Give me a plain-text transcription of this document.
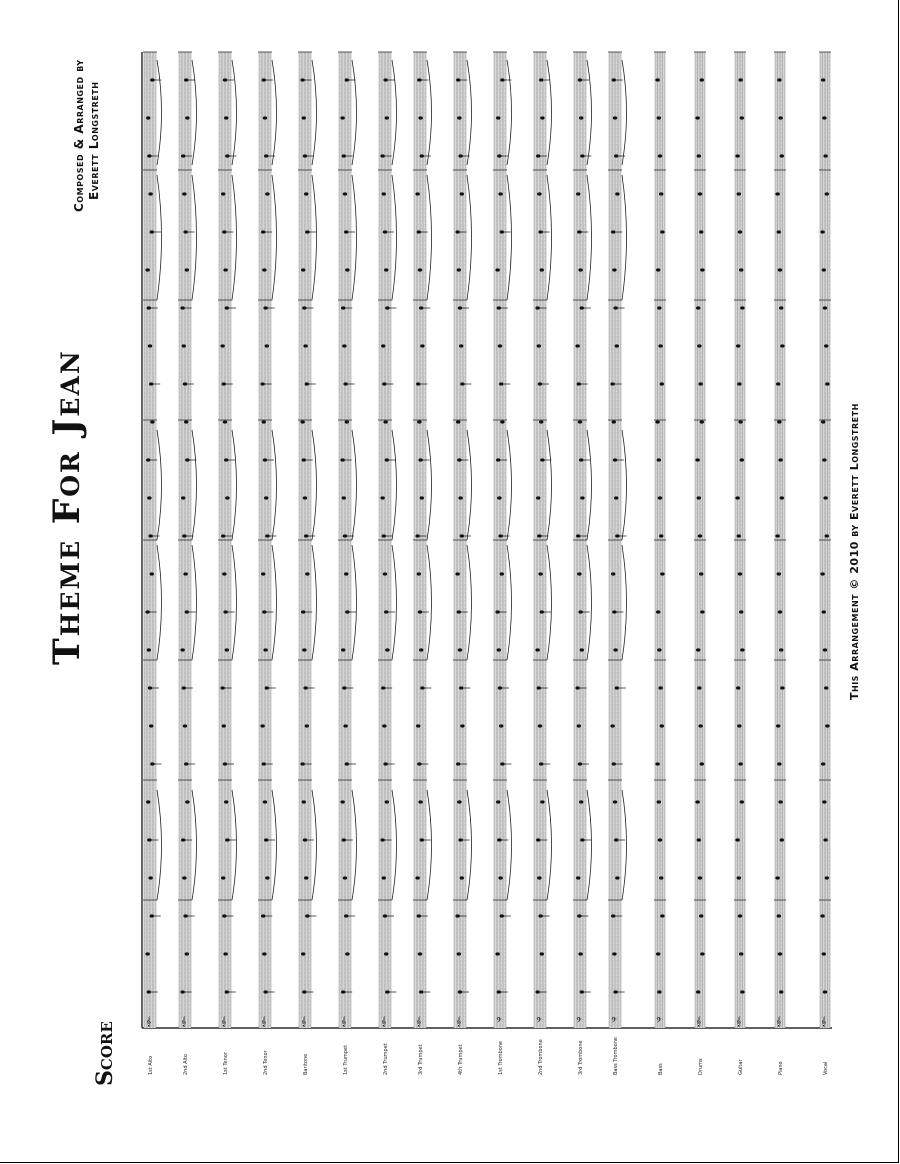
Score
Theme For Jean
Composed & Arranged by Everett Longstreth
This Arrangement © 2010 by Everett Longstreth
𝄞
1st Alto
𝄞
2nd Alto
𝄞
1st Tenor
𝄞
2nd Tenor
𝄞
Baritone
𝄞
1st Trumpet
𝄞
2nd Trumpet
𝄞
3rd Trumpet
𝄞
4th Trumpet
𝄢
1st Trombone
𝄢
2nd Trombone
𝄢
3rd Trombone
𝄢
Bass Trombone
𝄢
Bass
𝄞
Drums
𝄞
Guitar
𝄞
Piano
𝄞
Vocal
